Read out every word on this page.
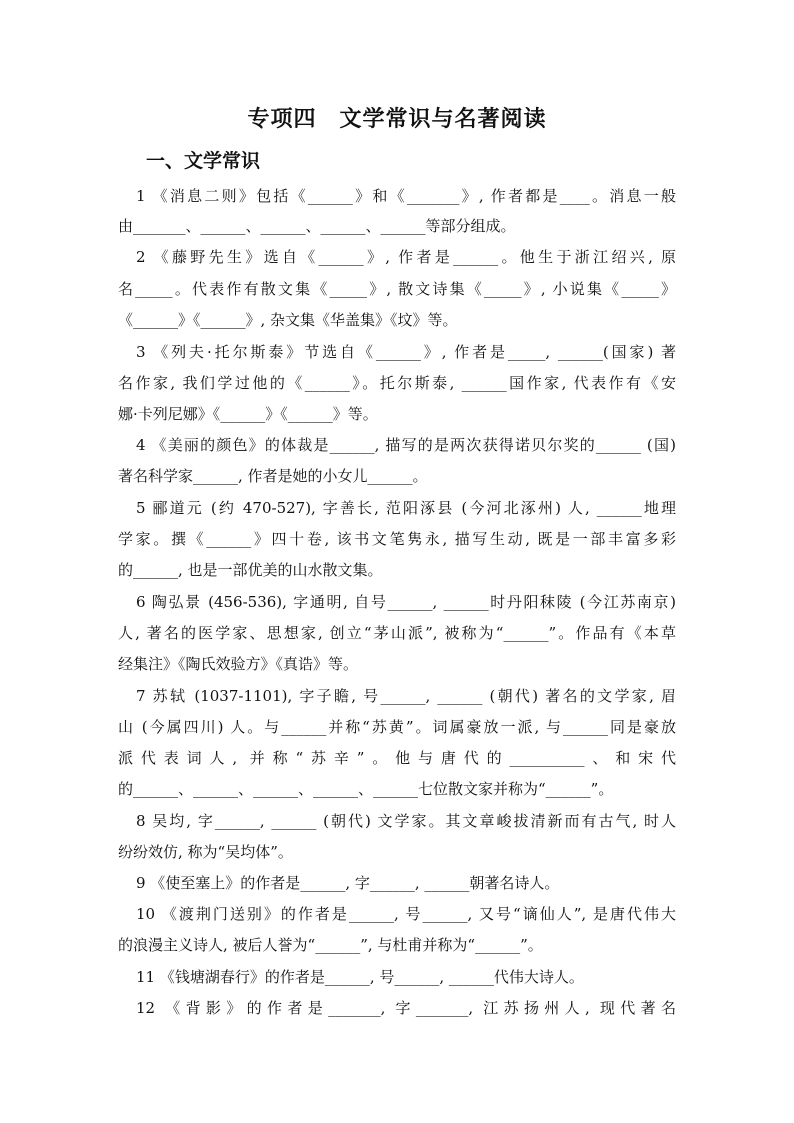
专项四　文学常识与名著阅读
一、文学常识
1 《消息二则》包括《______》和《_______》, 作者都是____。消息一般
由_______、______、______、______、______等部分组成。
2 《藤野先生》选自《______》, 作者是______。他生于浙江绍兴, 原
名_____。代表作有散文集《_____》, 散文诗集《_____》, 小说集《_____》
《______》《______》, 杂文集《华盖集》《坟》等。
3 《列夫·托尔斯泰》节选自《______》, 作者是_____, ______(国家) 著
名作家, 我们学过他的《______》。托尔斯泰, ______国作家, 代表作有《安
娜·卡列尼娜》《______》《______》等。
4 《美丽的颜色》的体裁是______, 描写的是两次获得诺贝尔奖的______ (国)
著名科学家______, 作者是她的小女儿______。
5 郦道元 (约 470-527), 字善长, 范阳涿县 (今河北涿州) 人, ______地理
学家。撰《______》四十卷, 该书文笔隽永, 描写生动, 既是一部丰富多彩
的______, 也是一部优美的山水散文集。
6 陶弘景 (456-536), 字通明, 自号______, ______时丹阳秣陵 (今江苏南京)
人, 著名的医学家、思想家, 创立“茅山派”, 被称为“______”。作品有《本草
经集注》《陶氏效验方》《真诰》等。
7 苏轼 (1037-1101), 字子瞻, 号______, ______ (朝代) 著名的文学家, 眉
山 (今属四川) 人。与______并称“苏黄”。词属豪放一派, 与______同是豪放
派代表词人, 并称“苏辛”。他与唐代的__________、和宋代
的______、______、______、______、______七位散文家并称为“______”。
8 吴均, 字______, ______ (朝代) 文学家。其文章峻拔清新而有古气, 时人
纷纷效仿, 称为“吴均体”。
9 《使至塞上》的作者是______, 字______, ______朝著名诗人。
10 《渡荆门送别》的作者是______, 号______, 又号“谪仙人”, 是唐代伟大
的浪漫主义诗人, 被后人誉为“______”, 与杜甫并称为“______”。
11 《钱塘湖春行》的作者是______, 号______, ______代伟大诗人。
12 《背影》的作者是_______, 字_______, 江苏扬州人, 现代著名
